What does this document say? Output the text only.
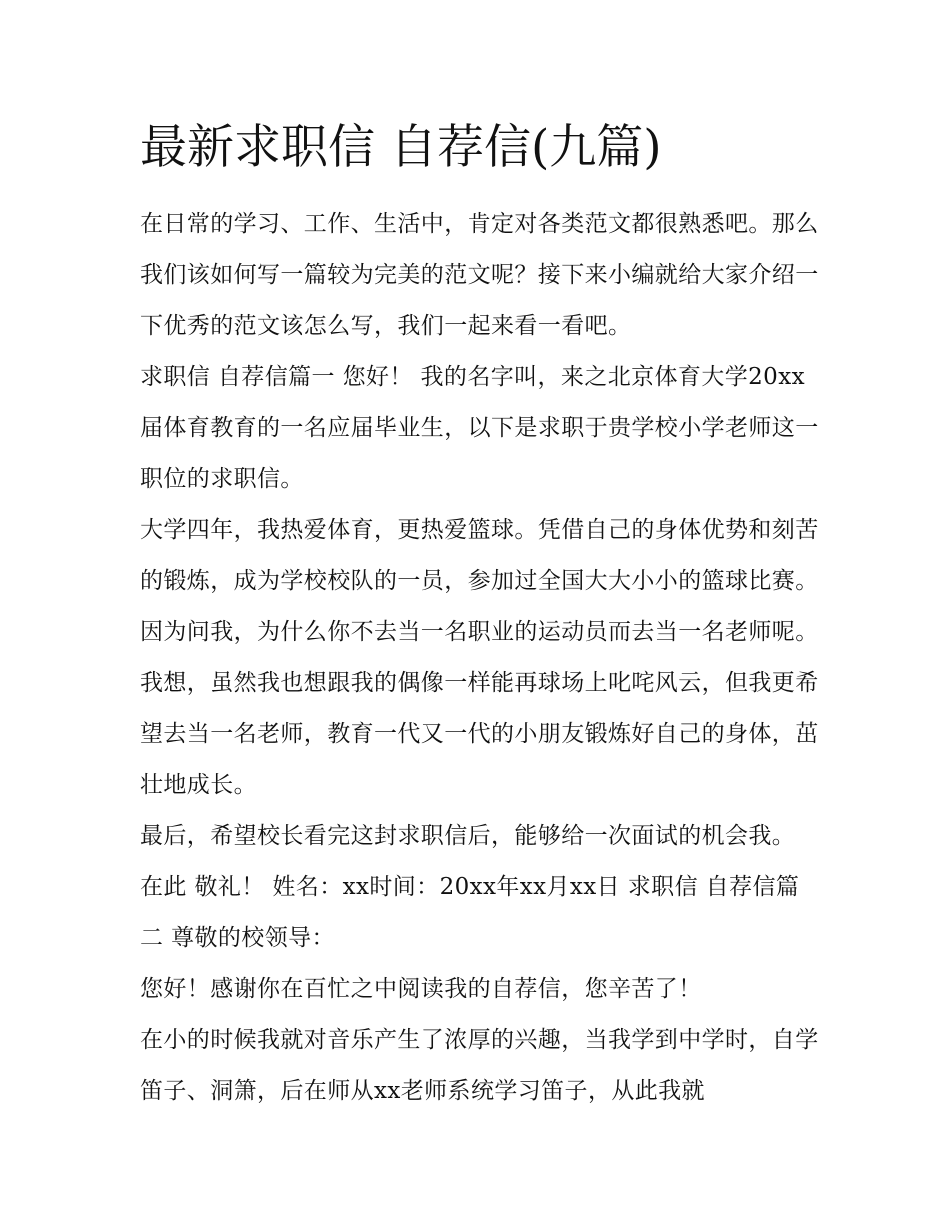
最新求职信 自荐信(九篇)

在日常的学习、工作、生活中，肯定对各类范文都很熟悉吧。那么我们该如何写一篇较为完美的范文呢？接下来小编就给大家介绍一下优秀的范文该怎么写，我们一起来看一看吧。

求职信 自荐信篇一 您好！ 我的名字叫，来之北京体育大学20xx届体育教育的一名应届毕业生，以下是求职于贵学校小学老师这一职位的求职信。

大学四年，我热爱体育，更热爱篮球。凭借自己的身体优势和刻苦的锻炼，成为学校校队的一员，参加过全国大大小小的篮球比赛。因为问我，为什么你不去当一名职业的运动员而去当一名老师呢。我想，虽然我也想跟我的偶像一样能再球场上叱咤风云，但我更希望去当一名老师，教育一代又一代的小朋友锻炼好自己的身体，茁壮地成长。

最后，希望校长看完这封求职信后，能够给一次面试的机会我。 在此 敬礼！ 姓名：xx时间：20xx年xx月xx日 求职信 自荐信篇二 尊敬的校领导：

您好！感谢你在百忙之中阅读我的自荐信，您辛苦了！

在小的时候我就对音乐产生了浓厚的兴趣，当我学到中学时，自学笛子、洞箫，后在师从xx老师系统学习笛子，从此我就
